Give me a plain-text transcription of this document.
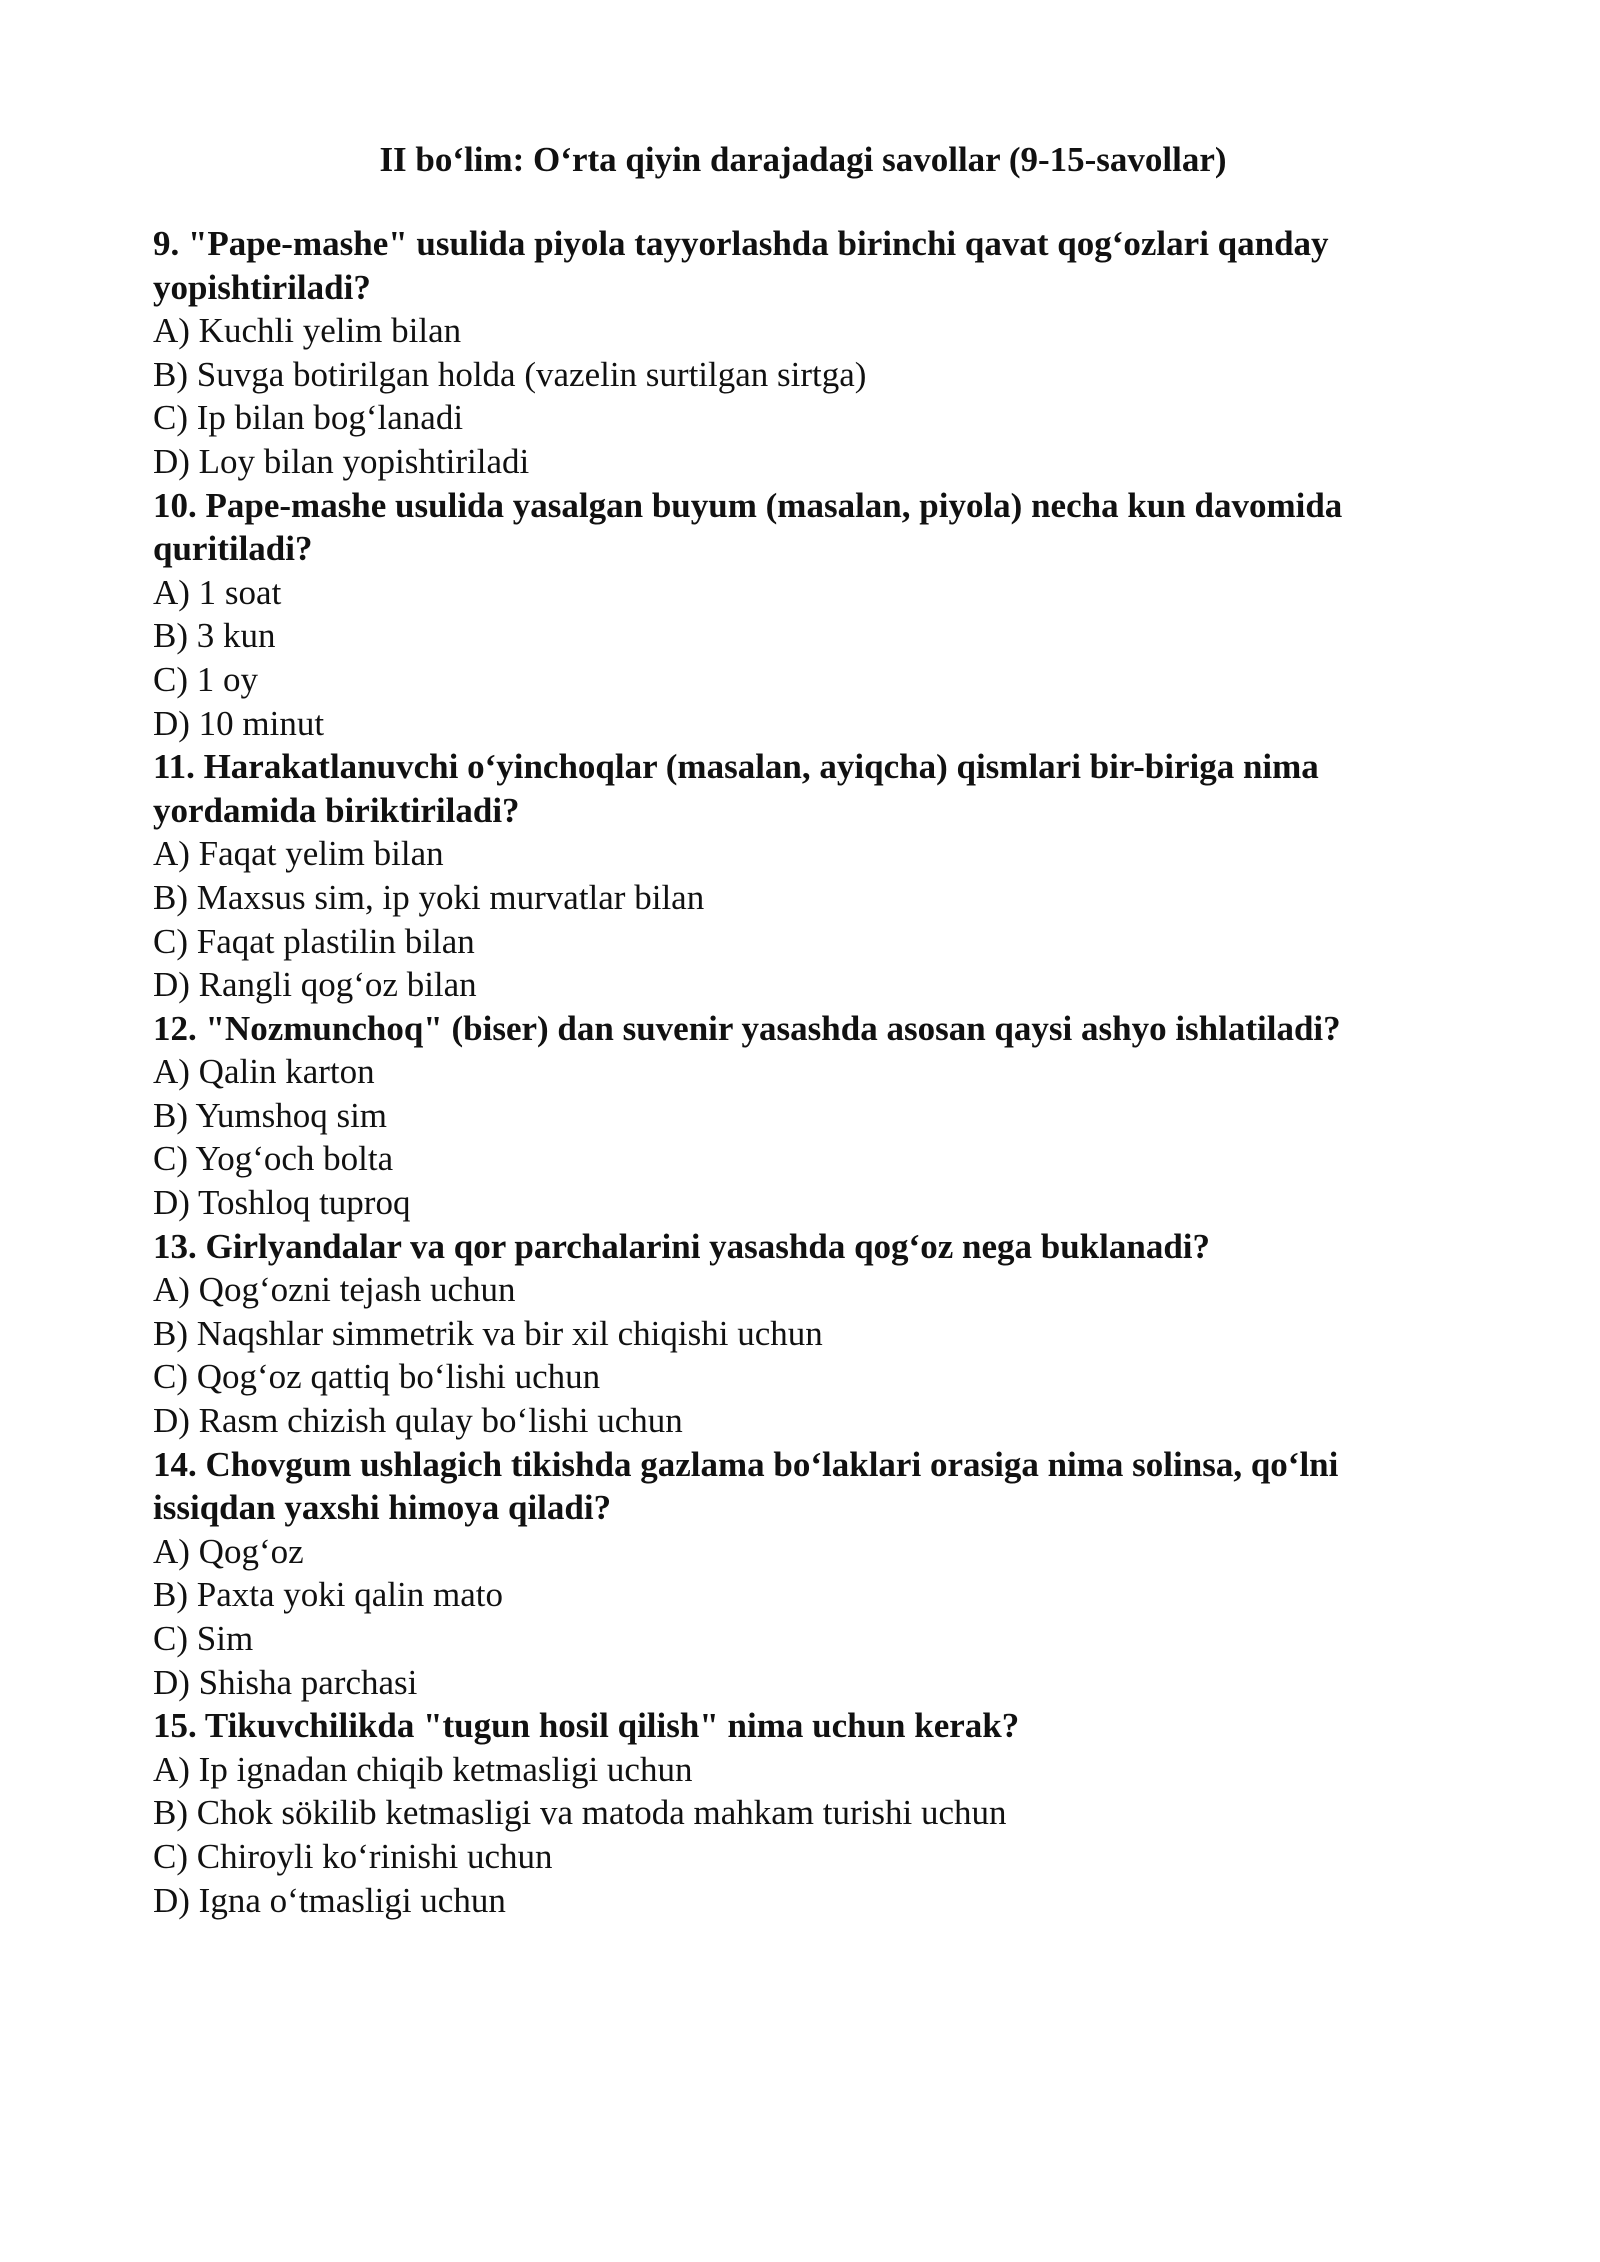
II bo‘lim: O‘rta qiyin darajadagi savollar (9-15-savollar)

9. "Pape-mashe" usulida piyola tayyorlashda birinchi qavat qog‘ozlari qanday yopishtiriladi?

A) Kuchli yelim bilan

B) Suvga botirilgan holda (vazelin surtilgan sirtga)

C) Ip bilan bog‘lanadi

D) Loy bilan yopishtiriladi

10. Pape-mashe usulida yasalgan buyum (masalan, piyola) necha kun davomida quritiladi?

A) 1 soat

B) 3 kun

C) 1 oy

D) 10 minut

11. Harakatlanuvchi o‘yinchoqlar (masalan, ayiqcha) qismlari bir-biriga nima yordamida biriktiriladi?

A) Faqat yelim bilan

B) Maxsus sim, ip yoki murvatlar bilan

C) Faqat plastilin bilan

D) Rangli qog‘oz bilan

12. "Nozmunchoq" (biser) dan suvenir yasashda asosan qaysi ashyo ishlatiladi?

A) Qalin karton

B) Yumshoq sim

C) Yog‘och bolta

D) Toshloq tuproq

13. Girlyandalar va qor parchalarini yasashda qog‘oz nega buklanadi?

A) Qog‘ozni tejash uchun

B) Naqshlar simmetrik va bir xil chiqishi uchun

C) Qog‘oz qattiq bo‘lishi uchun

D) Rasm chizish qulay bo‘lishi uchun

14. Chovgum ushlagich tikishda gazlama bo‘laklari orasiga nima solinsa, qo‘lni issiqdan yaxshi himoya qiladi?

A) Qog‘oz

B) Paxta yoki qalin mato

C) Sim

D) Shisha parchasi

15. Tikuvchilikda "tugun hosil qilish" nima uchun kerak?

A) Ip ignadan chiqib ketmasligi uchun

B) Chok sökilib ketmasligi va matoda mahkam turishi uchun

C) Chiroyli ko‘rinishi uchun

D) Igna o‘tmasligi uchun
